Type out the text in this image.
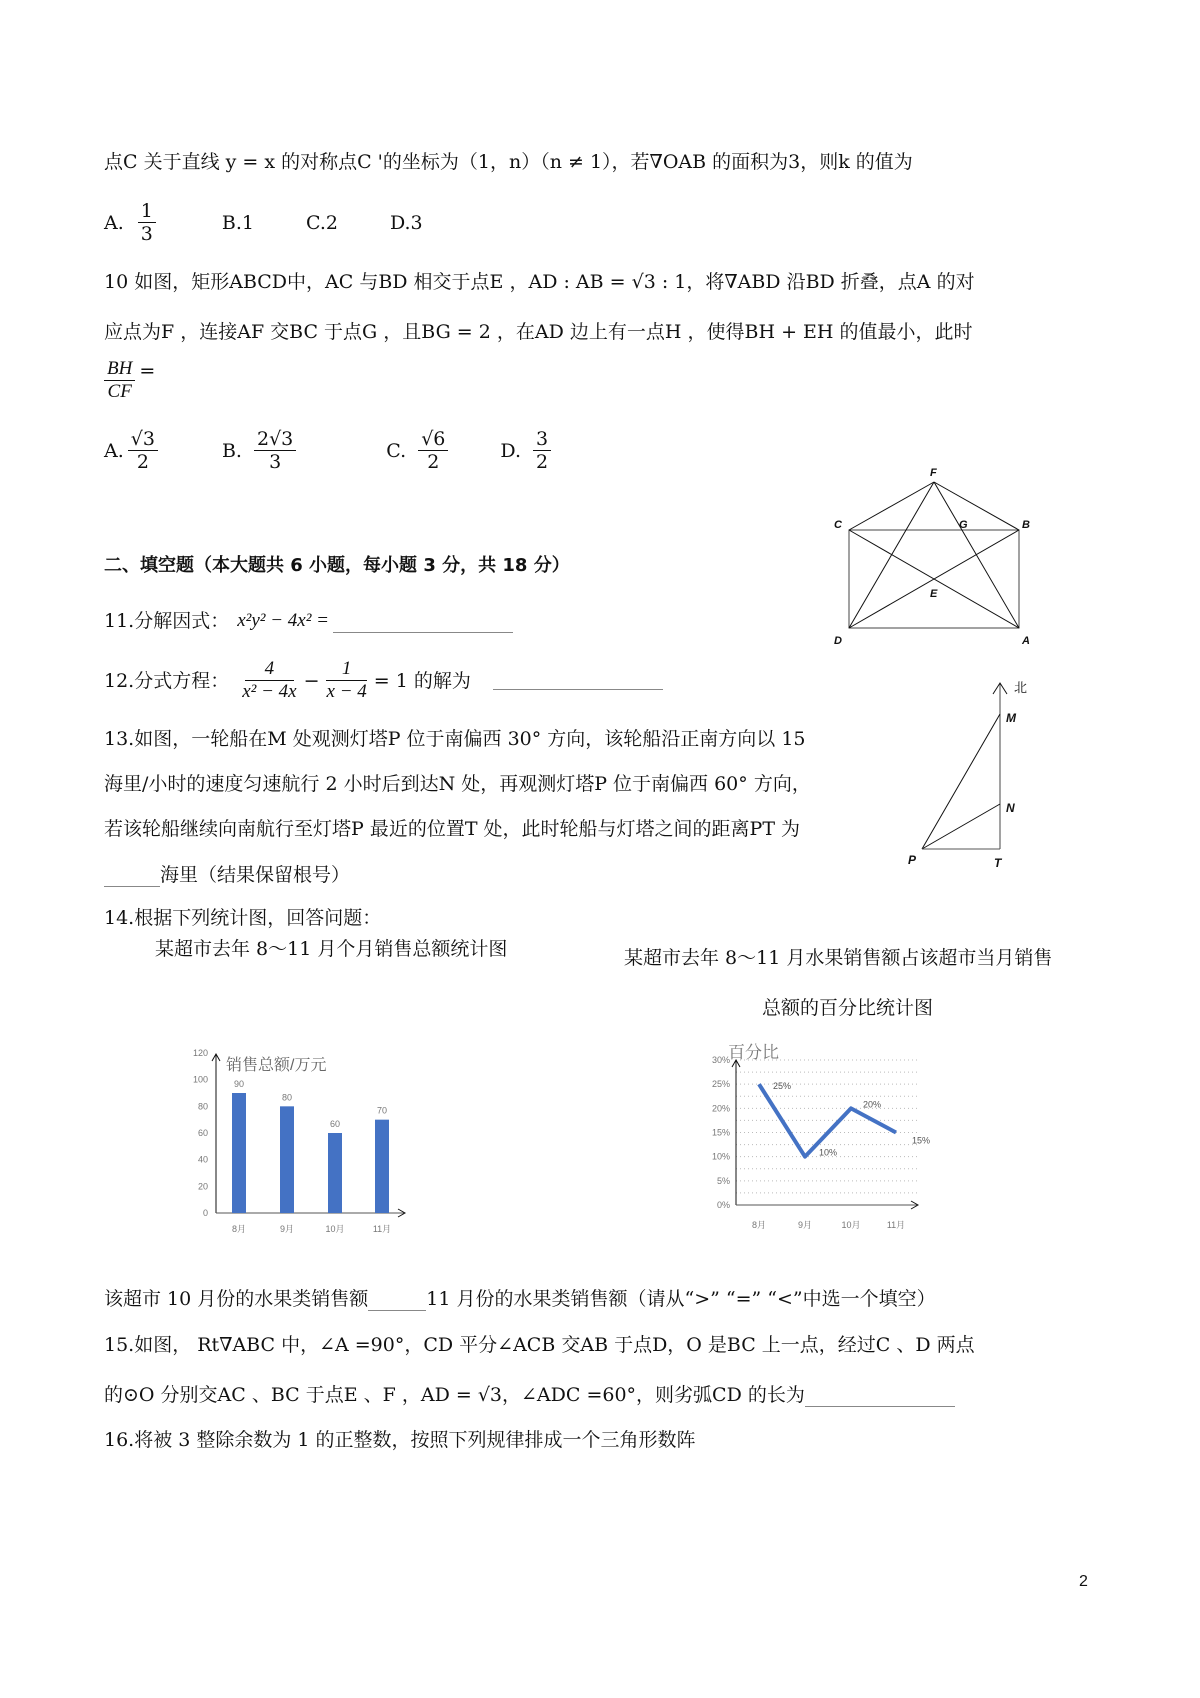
点C 关于直线 y = x 的对称点C '的坐标为（1，n）（n ≠ 1），若∇OAB 的面积为3，则k 的值为
A. $\frac{1}{3}$	B.1	C.2	D.3
10 如图，矩形ABCD中，AC 与BD 相交于点E ，AD : AB = √3 : 1，将∇ABD 沿BD 折叠，点A 的对
应点为F ，连接AF 交BC 于点G ，且BG = 2 ，在AD 边上有一点H ，使得BH + EH 的值最小，此时
$\frac{BH}{CF}$ =
A. $\frac{√3}{2}$	B. $\frac{2√3}{3}$	C. $\frac{√6}{2}$	D. $\frac{3}{2}$	F
C	G	B
E
D	A
二、填空题（本大题共 6 小题，每小题 3 分，共 18 分）
11.分解因式： x²y² − 4x² =
12.分式方程： $\frac{4}{\text{x² − 4x}} - \frac{1}{x - 4} = 1$ 的解为
13.如图，一轮船在M 处观测灯塔P 位于南偏西 30° 方向，该轮船沿正南方向以 15
海里/小时的速度匀速航行 2 小时后到达N 处，再观测灯塔P 位于南偏西 60° 方向，
若该轮船继续向南航行至灯塔P 最近的位置T 处，此时轮船与灯塔之间的距离PT 为
海里（结果保留根号）
北
M
N
P	T
14.根据下列统计图，回答问题：
某超市去年 8～11 月个月销售总额统计图	某超市去年 8～11 月水果销售额占该超市当月销售
总额的百分比统计图
0
20
40
60
80
100
120
销售总额/万元
90
8月
80
9月
60
10月
70
11月
百分比
0%
5%
10%
15%
20%
25%
30%
25%
8月
10%
9月
20%
10月
15%
11月
该超市 10 月份的水果类销售额	11 月份的水果类销售额（请从“>” “=” “<”中选一个填空）
15.如图， Rt∇ABC 中，∠A =90°，CD 平分∠ACB 交AB 于点D，O 是BC 上一点，经过C 、D 两点
的⊙O 分别交AC 、BC 于点E 、F ，AD = √3，∠ADC =60°，则劣弧CD 的长为
16.将被 3 整除余数为 1 的正整数，按照下列规律排成一个三角形数阵
2
